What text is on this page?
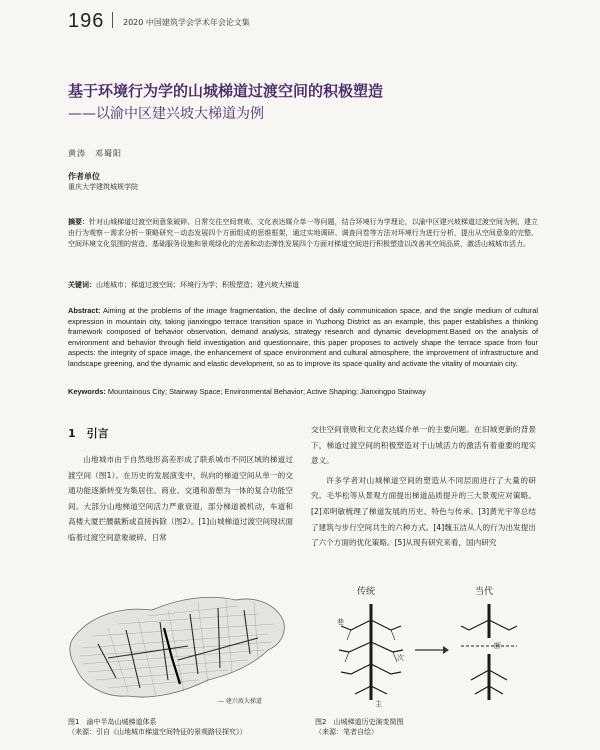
196 2020 中国建筑学会学术年会论文集
基于环境行为学的山城梯道过渡空间的积极塑造
——以渝中区建兴坡大梯道为例
黄涛　邓蜀阳
作者单位
重庆大学建筑城规学院
摘要：针对山城梯道过渡空间意象破碎、日常交往空间衰败、文化表达媒介单一等问题，结合环境行为学理论，以渝中区建兴坡梯道过渡空间为例，建立由行为观察－需求分析－策略研究－动态发展四个方面组成的思维框架，通过实地调研、调查问卷等方法对环境行为进行分析，提出从空间意象的完整、空间环境文化氛围的营造、基础服务设施和景观绿化的完善和动态弹性发展四个方面对梯道空间进行积极塑造以改善其空间品质，激活山城城市活力。
关键词：山地城市；梯道过渡空间；环境行为学；积极塑造；建兴坡大梯道
Abstract: Aiming at the problems of the image fragmentation, the decline of daily communication space, and the single medium of cultural expression in mountain city, taking jianxingpo terrace transition space in Yuzhong District as an example, this paper establishes a thinking framework composed of behavior observation, demand analysis, strategy research and dynamic development.Based on the analysis of environment and behavior through field investigation and questionnaire, this paper proposes to actively shape the terrace space from four aspects: the integrity of space image, the enhancement of space environment and cultural atmosphere, the improvement of infrastructure and landscape greening, and the dynamic and elastic development, so as to improve its space quality and activate the vitality of mountain city.
Keywords: Mountainous City; Stairway Space; Environmental Behavior; Active Shaping; Jianxingpo Stairway
1　引言
山地城市由于自然地形高差形成了联系城市不同区域的梯道过渡空间（图1）。在历史的发展演变中，纵向的梯道空间从单一的交通功能逐渐转变为集居住、商业、交通和游憩为一体的复合功能空间。大部分山地梯道空间活力严重衰退，部分梯道被机动，车道和高楼大厦拦腰截断或直接拆除（图2）。[1]山城梯道过渡空间现状面临着过渡空间意象破碎、日常

交往空间衰败和文化表达媒介单一的主要问题。在旧城更新的背景下，梯道过渡空间的积极塑造对于山城活力的激活有着重要的现实意义。

许多学者对山城梯道空间的塑造从不同层面进行了大量的研究。毛华松等从景观方面提出梯道品质提升的三大景观应对策略。[2]邓明敏梳理了梯道发展的历史、特色与传承。[3]黄光宇等总结了建筑与步行空间共生的六种方式。[4]魏玉洁从人的行为出发提出了六个方面的优化策略。[5]从现有研究来看，国内研究

— 建兴坡大梯道
传统	当代
巷
次
主
断
图1　渝中半岛山城梯道体系
（来源：引自《山地城市梯道空间特征的景观路径探究》）
图2　山城梯道历史演变简图
（来源：笔者自绘）
